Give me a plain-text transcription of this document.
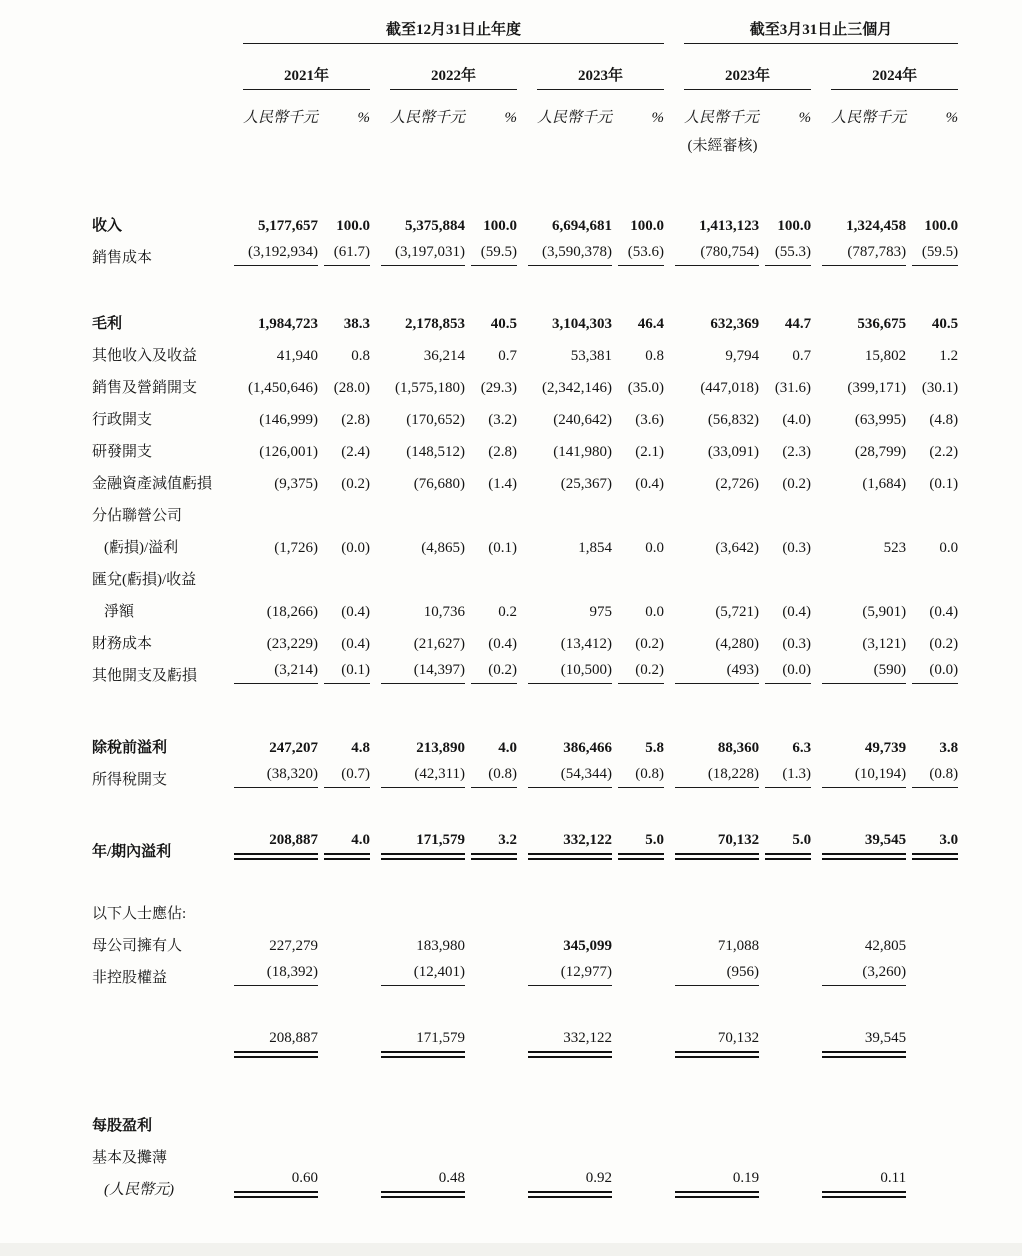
	截至12月31日止年度						截至3月31日止三個月			

	2021年		2022年		2023年		2023年		2024年	

	人民幣千元	%	人民幣千元	%	人民幣千元	%	人民幣千元	%	人民幣千元	%
							(未經審核)			

收入	5,177,657	100.0	5,375,884	100.0	6,694,681	100.0	1,413,123	100.0	1,324,458	100.0
銷售成本	(3,192,934)	(61.7)	(3,197,031)	(59.5)	(3,590,378)	(53.6)	(780,754)	(55.3)	(787,783)	(59.5)

毛利	1,984,723	38.3	2,178,853	40.5	3,104,303	46.4	632,369	44.7	536,675	40.5
其他收入及收益	41,940	0.8	36,214	0.7	53,381	0.8	9,794	0.7	15,802	1.2
銷售及營銷開支	(1,450,646)	(28.0)	(1,575,180)	(29.3)	(2,342,146)	(35.0)	(447,018)	(31.6)	(399,171)	(30.1)
行政開支	(146,999)	(2.8)	(170,652)	(3.2)	(240,642)	(3.6)	(56,832)	(4.0)	(63,995)	(4.8)
研發開支	(126,001)	(2.4)	(148,512)	(2.8)	(141,980)	(2.1)	(33,091)	(2.3)	(28,799)	(2.2)
金融資產減值虧損	(9,375)	(0.2)	(76,680)	(1.4)	(25,367)	(0.4)	(2,726)	(0.2)	(1,684)	(0.1)
分佔聯營公司										
(虧損)/溢利	(1,726)	(0.0)	(4,865)	(0.1)	1,854	0.0	(3,642)	(0.3)	523	0.0
匯兌(虧損)/收益										
淨額	(18,266)	(0.4)	10,736	0.2	975	0.0	(5,721)	(0.4)	(5,901)	(0.4)
財務成本	(23,229)	(0.4)	(21,627)	(0.4)	(13,412)	(0.2)	(4,280)	(0.3)	(3,121)	(0.2)
其他開支及虧損	(3,214)	(0.1)	(14,397)	(0.2)	(10,500)	(0.2)	(493)	(0.0)	(590)	(0.0)

除稅前溢利	247,207	4.8	213,890	4.0	386,466	5.8	88,360	6.3	49,739	3.8
所得稅開支	(38,320)	(0.7)	(42,311)	(0.8)	(54,344)	(0.8)	(18,228)	(1.3)	(10,194)	(0.8)

年/期內溢利	208,887	4.0	171,579	3.2	332,122	5.0	70,132	5.0	39,545	3.0

以下人士應佔:										
母公司擁有人	227,279		183,980		345,099		71,088		42,805	
非控股權益	(18,392)		(12,401)		(12,977)		(956)		(3,260)	

	208,887		171,579		332,122		70,132		39,545	

每股盈利										
基本及攤薄										
(人民幣元)	0.60		0.48		0.92		0.19		0.11	
